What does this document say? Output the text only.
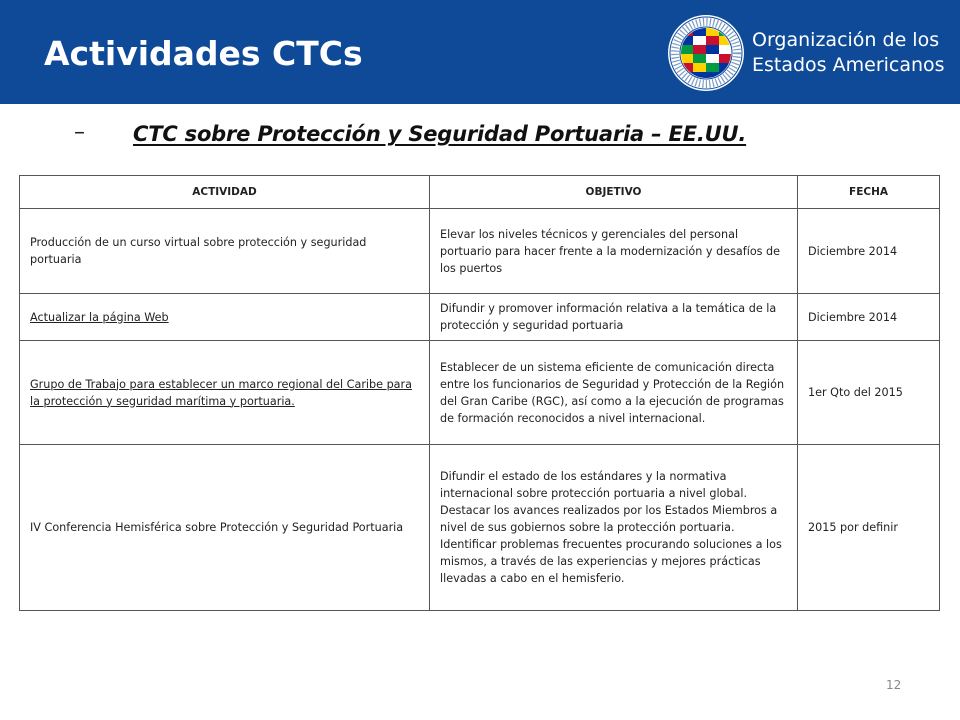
Actividades CTCs	Organización de los
Estados Americanos
– CTC sobre Protección y Seguridad Portuaria – EE.UU.
ACTIVIDAD	OBJETIVO	FECHA
Producción de un curso virtual sobre protección y seguridad portuaria	Elevar los niveles técnicos y gerenciales del personal portuario para hacer frente a la modernización y desafíos de los puertos	Diciembre 2014
Actualizar la página Web	Difundir y promover información relativa a la temática de la protección y seguridad portuaria	Diciembre 2014
Grupo de Trabajo para establecer un marco regional del Caribe para la protección y seguridad marítima y portuaria.	Establecer de un sistema eficiente de comunicación directa entre los funcionarios de Seguridad y Protección de la Región del Gran Caribe (RGC), así como a la ejecución de programas de formación reconocidos a nivel internacional.	1er Qto del 2015
IV Conferencia Hemisférica sobre Protección y Seguridad Portuaria	Difundir el estado de los estándares y la normativa internacional sobre protección portuaria a nivel global. Destacar los avances realizados por los Estados Miembros a nivel de sus gobiernos sobre la protección portuaria. Identificar problemas frecuentes procurando soluciones a los mismos, a través de las experiencias y mejores prácticas llevadas a cabo en el hemisferio.	2015 por definir
12
